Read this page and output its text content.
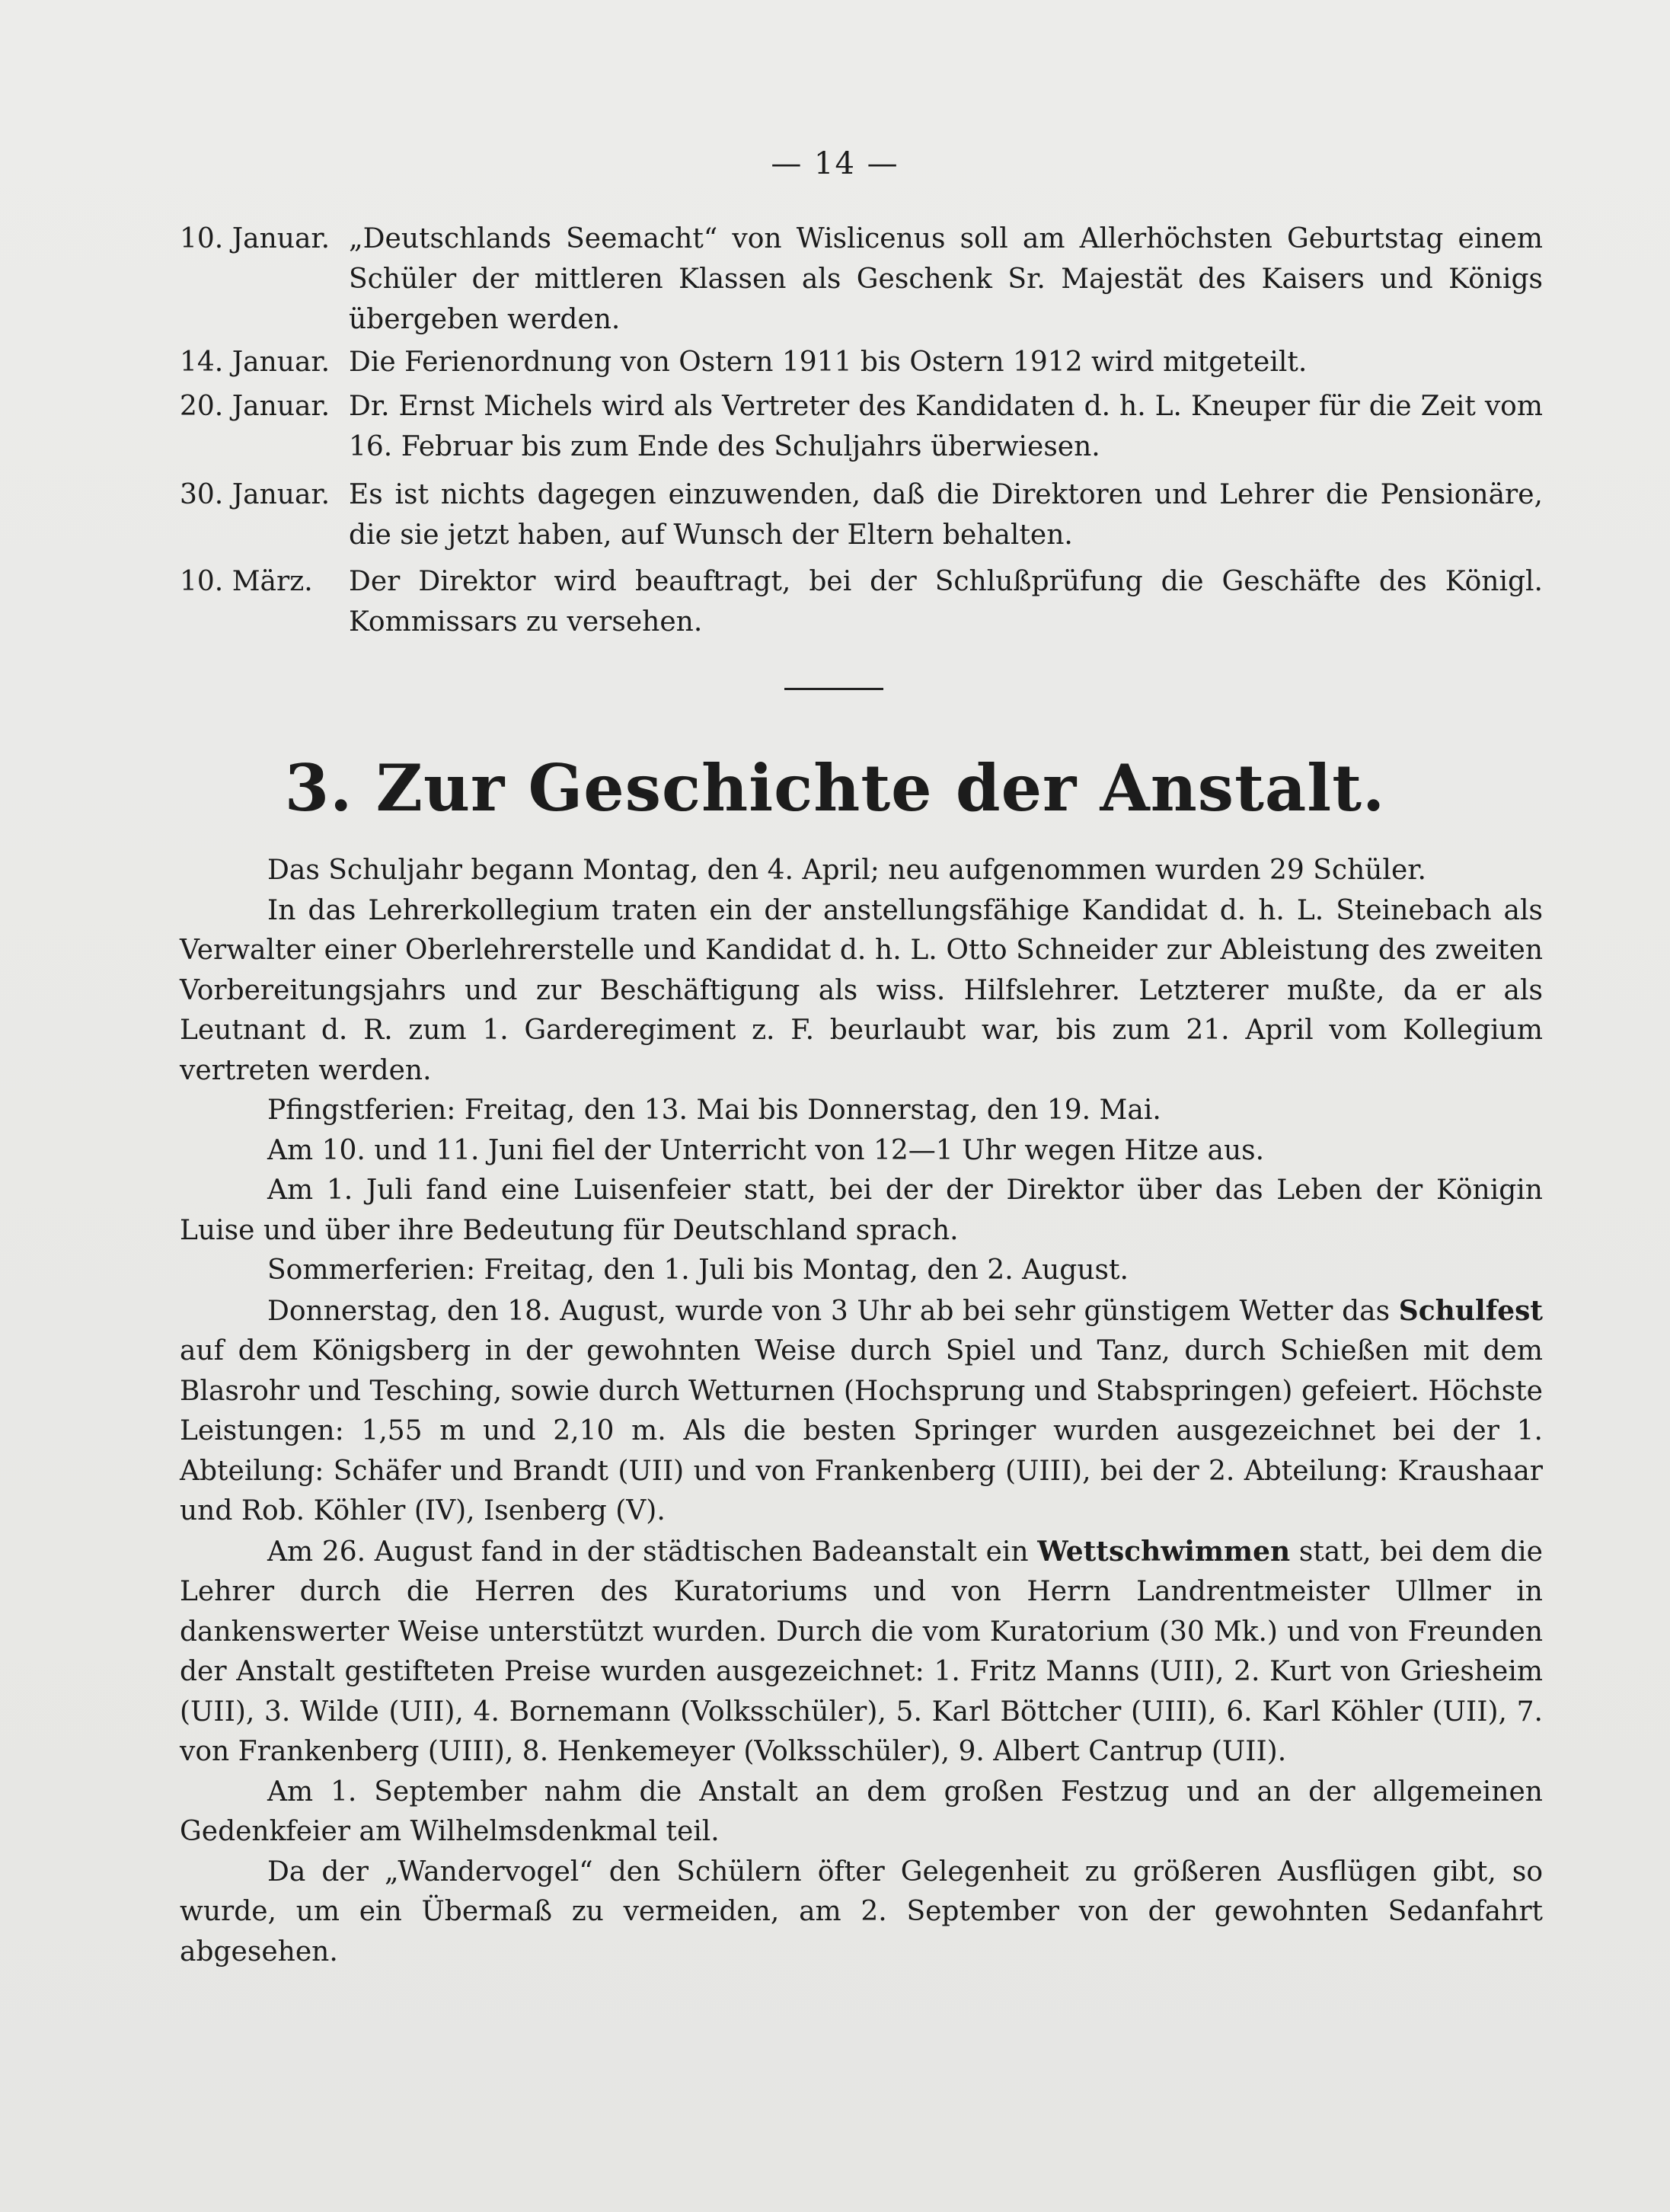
— 14 —
10. Januar. „Deutschlands Seemacht“ von Wislicenus soll am Allerhöchsten Geburtstag einem Schüler der mittleren Klassen als Geschenk Sr. Majestät des Kaisers und Königs übergeben werden.
14. Januar. Die Ferienordnung von Ostern 1911 bis Ostern 1912 wird mitgeteilt.
20. Januar. Dr. Ernst Michels wird als Vertreter des Kandidaten d. h. L. Kneuper für die Zeit vom 16. Februar bis zum Ende des Schuljahrs überwiesen.
30. Januar. Es ist nichts dagegen einzuwenden, daß die Direktoren und Lehrer die Pensionäre, die sie jetzt haben, auf Wunsch der Eltern behalten.
10. März.	Der Direktor wird beauftragt, bei der Schlußprüfung die Geschäfte des Königl. Kommissars zu versehen.
3. Zur Geschichte der Anstalt.

Das Schuljahr begann Montag, den 4. April; neu aufgenommen wurden 29 Schüler.

In das Lehrerkollegium traten ein der anstellungsfähige Kandidat d. h. L. Steinebach als Verwalter einer Oberlehrerstelle und Kandidat d. h. L. Otto Schneider zur Ableistung des zweiten Vorbereitungsjahrs und zur Beschäftigung als wiss. Hilfslehrer. Letzterer mußte, da er als Leutnant d. R. zum 1. Garderegiment z. F. beurlaubt war, bis zum 21. April vom Kollegium vertreten werden.

Pfingstferien: Freitag, den 13. Mai bis Donnerstag, den 19. Mai.

Am 10. und 11. Juni fiel der Unterricht von 12—1 Uhr wegen Hitze aus.

Am 1. Juli fand eine Luisenfeier statt, bei der der Direktor über das Leben der Königin Luise und über ihre Bedeutung für Deutschland sprach.

Sommerferien: Freitag, den 1. Juli bis Montag, den 2. August.

Donnerstag, den 18. August, wurde von 3 Uhr ab bei sehr günstigem Wetter das Schulfest auf dem Königsberg in der gewohnten Weise durch Spiel und Tanz, durch Schießen mit dem Blasrohr und Tesching, sowie durch Wetturnen (Hochsprung und Stabspringen) gefeiert. Höchste Leistungen: 1,55 m und 2,10 m. Als die besten Springer wurden ausgezeichnet bei der 1. Abteilung: Schäfer und Brandt (UII) und von Frankenberg (UIII), bei der 2. Abteilung: Kraushaar und Rob. Köhler (IV), Isenberg (V).

Am 26. August fand in der städtischen Badeanstalt ein Wettschwimmen statt, bei dem die Lehrer durch die Herren des Kuratoriums und von Herrn Landrentmeister Ullmer in dankenswerter Weise unterstützt wurden. Durch die vom Kuratorium (30 Mk.) und von Freunden der Anstalt gestifteten Preise wurden ausgezeichnet: 1. Fritz Manns (UII), 2. Kurt von Griesheim (UII), 3. Wilde (UII), 4. Bornemann (Volksschüler), 5. Karl Böttcher (UIII), 6. Karl Köhler (UII), 7. von Frankenberg (UIII), 8. Henkemeyer (Volksschüler), 9. Albert Cantrup (UII).

Am 1. September nahm die Anstalt an dem großen Festzug und an der allgemeinen Gedenkfeier am Wilhelmsdenkmal teil.

Da der „Wandervogel“ den Schülern öfter Gelegenheit zu größeren Ausflügen gibt, so wurde, um ein Übermaß zu vermeiden, am 2. September von der gewohnten Sedanfahrt abgesehen.
